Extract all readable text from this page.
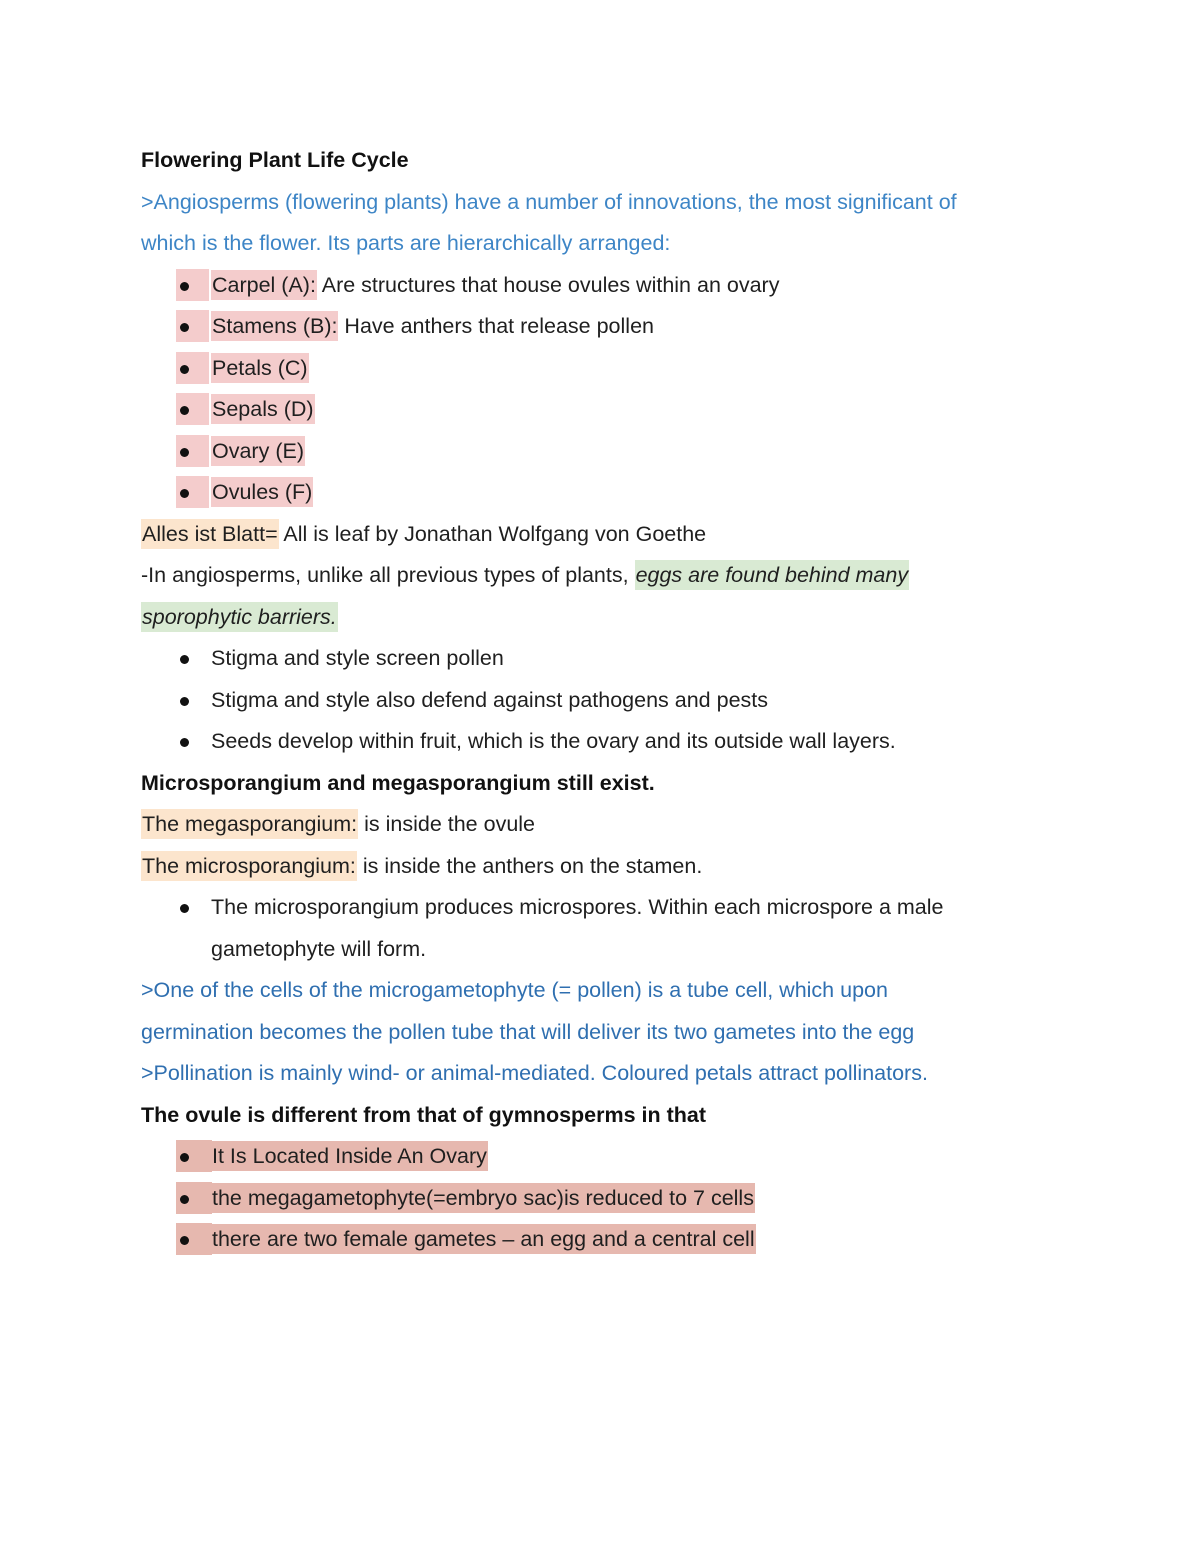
Flowering Plant Life Cycle
>Angiosperms (flowering plants) have a number of innovations, the most significant of
which is the flower. Its parts are hierarchically arranged:
Carpel (A): Are structures that house ovules within an ovary
Stamens (B): Have anthers that release pollen
Petals (C)
Sepals (D)
Ovary (E)
Ovules (F)
Alles ist Blatt= All is leaf by Jonathan Wolfgang von Goethe
-In angiosperms, unlike all previous types of plants, eggs are found behind many
sporophytic barriers.
Stigma and style screen pollen
Stigma and style also defend against pathogens and pests
Seeds develop within fruit, which is the ovary and its outside wall layers.
Microsporangium and megasporangium still exist.
The megasporangium: is inside the ovule
The microsporangium: is inside the anthers on the stamen.
The microsporangium produces microspores. Within each microspore a male
gametophyte will form.
>One of the cells of the microgametophyte (= pollen) is a tube cell, which upon
germination becomes the pollen tube that will deliver its two gametes into the egg
>Pollination is mainly wind- or animal-mediated. Coloured petals attract pollinators.
The ovule is different from that of gymnosperms in that
It Is Located Inside An Ovary
the megagametophyte(=embryo sac)is reduced to 7 cells
there are two female gametes – an egg and a central cell
